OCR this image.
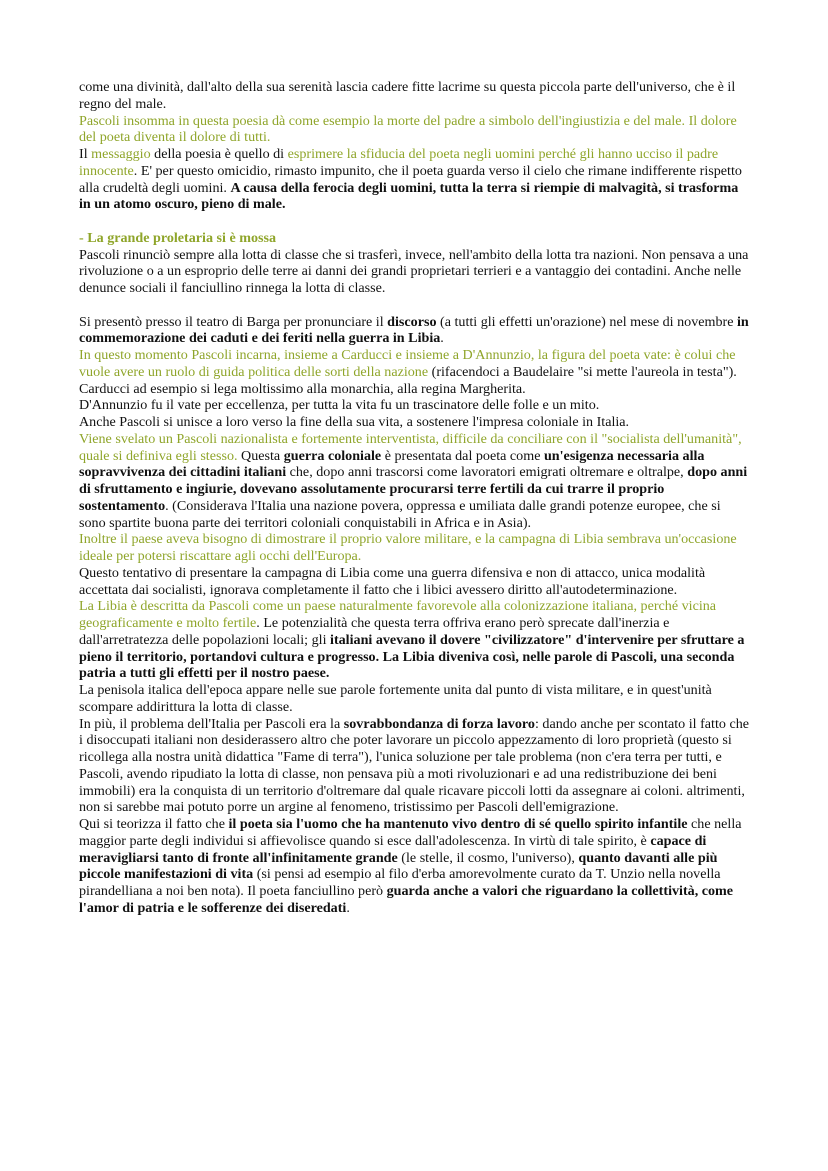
come una divinità, dall'alto della sua serenità lascia cadere fitte lacrime su questa piccola parte dell'universo, che è il regno del male.

Pascoli insomma in questa poesia dà come esempio la morte del padre a simbolo dell'ingiustizia e del male. Il dolore del poeta diventa il dolore di tutti.

Il messaggio della poesia è quello di esprimere la sfiducia del poeta negli uomini perché gli hanno ucciso il padre innocente. E' per questo omicidio, rimasto impunito, che il poeta guarda verso il cielo che rimane indifferente rispetto alla crudeltà degli uomini. A causa della ferocia degli uomini, tutta la terra si riempie di malvagità, si trasforma in un atomo oscuro, pieno di male.

- La grande proletaria si è mossa

Pascoli rinunciò sempre alla lotta di classe che si trasferì, invece, nell'ambito della lotta tra nazioni. Non pensava a una rivoluzione o a un esproprio delle terre ai danni dei grandi proprietari terrieri e a vantaggio dei contadini. Anche nelle denunce sociali il fanciullino rinnega la lotta di classe.

Si presentò presso il teatro di Barga per pronunciare il discorso (a tutti gli effetti un'orazione) nel mese di novembre in commemorazione dei caduti e dei feriti nella guerra in Libia.

In questo momento Pascoli incarna, insieme a Carducci e insieme a D'Annunzio, la figura del poeta vate: è colui che vuole avere un ruolo di guida politica delle sorti della nazione (rifacendoci a Baudelaire "si mette l'aureola in testa").

Carducci ad esempio si lega moltissimo alla monarchia, alla regina Margherita.

D'Annunzio fu il vate per eccellenza, per tutta la vita fu un trascinatore delle folle e un mito.

Anche Pascoli si unisce a loro verso la fine della sua vita, a sostenere l'impresa coloniale in Italia.

Viene svelato un Pascoli nazionalista e fortemente interventista, difficile da conciliare con il "socialista dell'umanità", quale si definiva egli stesso. Questa guerra coloniale è presentata dal poeta come un'esigenza necessaria alla sopravvivenza dei cittadini italiani che, dopo anni trascorsi come lavoratori emigrati oltremare e oltralpe, dopo anni di sfruttamento e ingiurie, dovevano assolutamente procurarsi terre fertili da cui trarre il proprio sostentamento. (Considerava l'Italia una nazione povera, oppressa e umiliata dalle grandi potenze europee, che si sono spartite buona parte dei territori coloniali conquistabili in Africa e in Asia).

Inoltre il paese aveva bisogno di dimostrare il proprio valore militare, e la campagna di Libia sembrava un'occasione ideale per potersi riscattare agli occhi dell'Europa.

Questo tentativo di presentare la campagna di Libia come una guerra difensiva e non di attacco, unica modalità accettata dai socialisti, ignorava completamente il fatto che i libici avessero diritto all'autodeterminazione.

La Libia è descritta da Pascoli come un paese naturalmente favorevole alla colonizzazione italiana, perché vicina geograficamente e molto fertile. Le potenzialità che questa terra offriva erano però sprecate dall'inerzia e dall'arretratezza delle popolazioni locali; gli italiani avevano il dovere "civilizzatore" d'intervenire per sfruttare a pieno il territorio, portandovi cultura e progresso. La Libia diveniva così, nelle parole di Pascoli, una seconda patria a tutti gli effetti per il nostro paese.

La penisola italica dell'epoca appare nelle sue parole fortemente unita dal punto di vista militare, e in quest'unità scompare addirittura la lotta di classe.

In più, il problema dell'Italia per Pascoli era la sovrabbondanza di forza lavoro: dando anche per scontato il fatto che i disoccupati italiani non desiderassero altro che poter lavorare un piccolo appezzamento di loro proprietà (questo si ricollega alla nostra unità didattica "Fame di terra"), l'unica soluzione per tale problema (non c'era terra per tutti, e Pascoli, avendo ripudiato la lotta di classe, non pensava più a moti rivoluzionari e ad una redistribuzione dei beni immobili) era la conquista di un territorio d'oltremare dal quale ricavare piccoli lotti da assegnare ai coloni. altrimenti, non si sarebbe mai potuto porre un argine al fenomeno, tristissimo per Pascoli dell'emigrazione.

Qui si teorizza il fatto che il poeta sia l'uomo che ha mantenuto vivo dentro di sé quello spirito infantile che nella maggior parte degli individui si affievolisce quando si esce dall'adolescenza. In virtù di tale spirito, è capace di meravigliarsi tanto di fronte all'infinitamente grande (le stelle, il cosmo, l'universo), quanto davanti alle più piccole manifestazioni di vita (si pensi ad esempio al filo d'erba amorevolmente curato da T. Unzio nella novella pirandelliana a noi ben nota). Il poeta fanciullino però guarda anche a valori che riguardano la collettività, come l'amor di patria e le sofferenze dei diseredati.
